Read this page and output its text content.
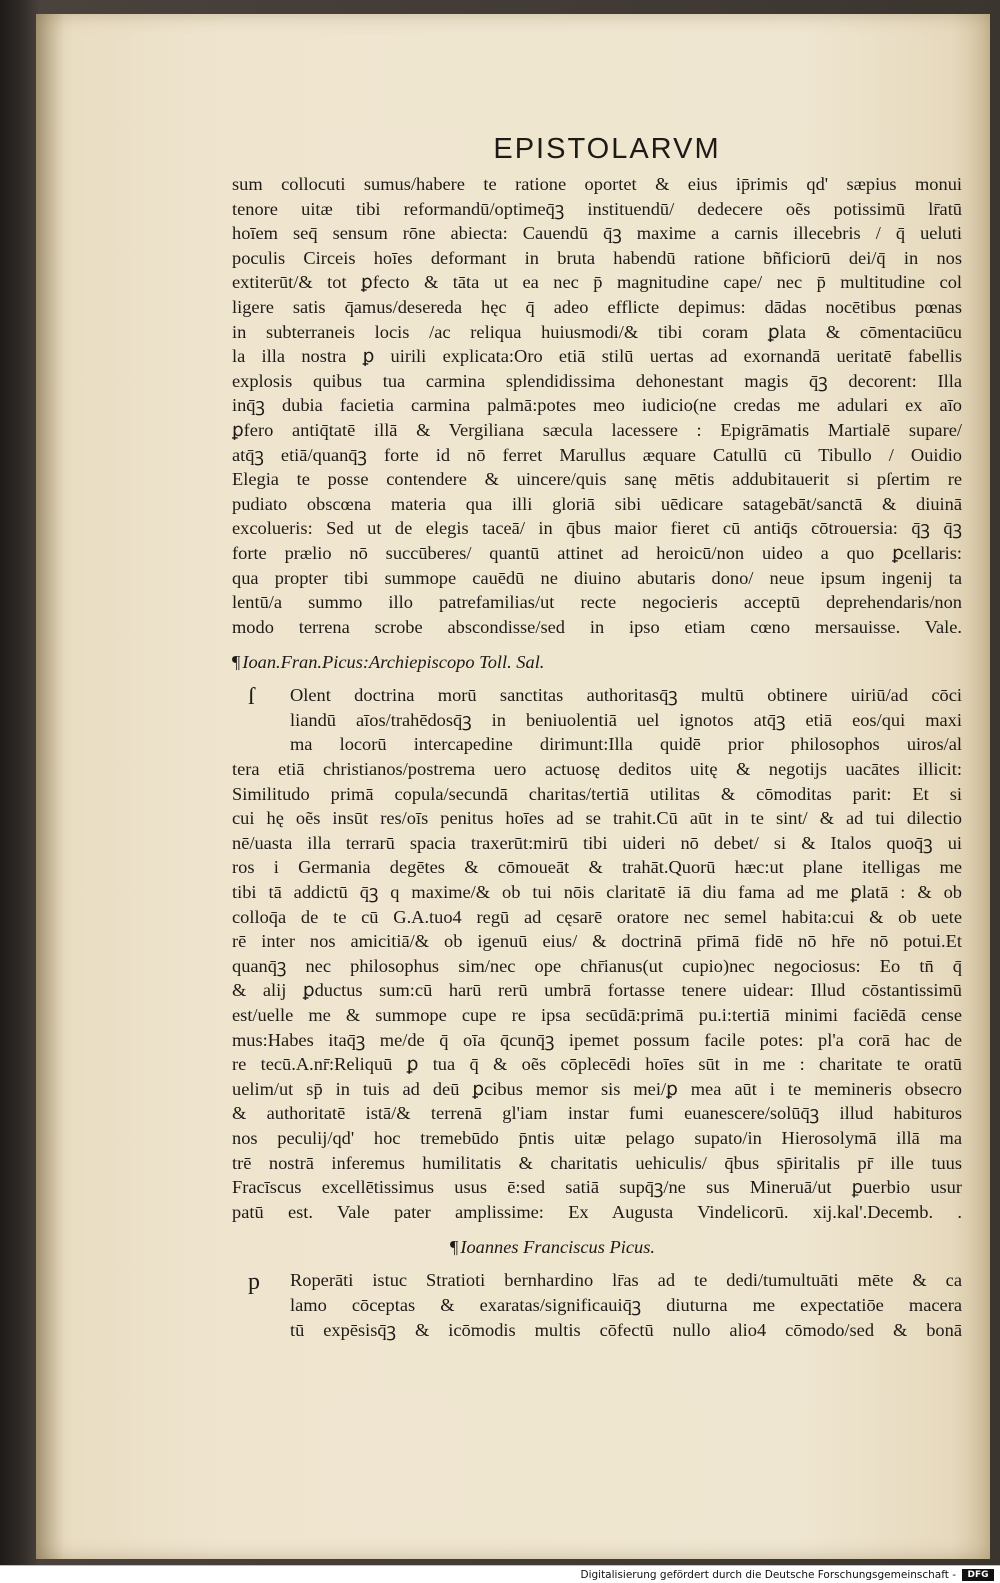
EPISTOLARVM
sum collocuti sumus/habere te ratione oportet & eius ip̄rimis qd' sæpius monui
tenore uitæ tibi reformandū/optimeq̄ꝫ instituendū/ dedecere oẽs potissimū lr̄atū
hoīem seq̄ sensum rōne abiecta: Cauendū q̄ꝫ maxime a carnis illecebris / q̄ ueluti
poculis Circeis hoīes deformant in bruta habendū ratione bñficiorū dei/q̄ in nos
extiterūt/& tot ꝑfecto & tāta ut ea nec p̄ magnitudine cape/ nec p̄ multitudine col
ligere satis q̄amus/desereda hęc q̄ adeo efflicte depimus: dādas nocētibus pœnas
in subterraneis locis /ac reliqua huiusmodi/& tibi coram ꝑlata & cōmentaciūcu
la illa nostra ꝑ uirili explicata:Oro etiā stilū uertas ad exornandā ueritatē fabellis
explosis quibus tua carmina splendidissima dehonestant magis q̄ꝫ decorent: Illa
inq̄ꝫ dubia facietia carmina palmā:potes meo iudicio(ne credas me adulari ex aīo
ꝑfero antiq̄tatē illā & Vergiliana sæcula lacessere : Epigrāmatis Martialē supare/
atq̄ꝫ etiā/quanq̄ꝫ forte id nō ferret Marullus æquare Catullū cū Tibullo / Ouidio
Elegia te posse contendere & uincere/quis sanę mētis addubitauerit si pſertim re
pudiato obscœna materia qua illi gloriā sibi uēdicare satagebāt/sanctā & diuinā
excolueris: Sed ut de elegis taceā/ in q̄bus maior fieret cū antiq̄s cōtrouersia: q̄ꝫ q̄ꝫ
forte prælio nō succūberes/ quantū attinet ad heroicū/non uideo a quo ꝑcellaris:
qua propter tibi summope cauēdū ne diuino abutaris dono/ neue ipsum ingenij ta
lentū/a summo illo patrefamilias/ut recte negocieris acceptū deprehendaris/non
modo terrena scrobe abscondisse/sed in ipso etiam cœno mersauisse. Vale.
¶ Ioan.Fran.Picus:Archiepiscopo Toll. Sal.
ſ	Olent doctrina morū sanctitas authoritasq̄ꝫ multū obtinere uiriū/ad cōci
liandū aīos/trahēdosq̄ꝫ in beniuolentiā uel ignotos atq̄ꝫ etiā eos/qui maxi
ma locorū intercapedine dirimunt:Illa quidē prior philosophos uiros/al
tera etiā christianos/postrema uero actuosę deditos uitę & negotijs uacātes illicit:
Similitudo primā copula/secundā charitas/tertiā utilitas & cōmoditas parit: Et si
cui hę oẽs insūt res/oīs penitus hoīes ad se trahit.Cū aūt in te sint/ & ad tui dilectio
nē/uasta illa terrarū spacia traxerūt:mirū tibi uideri nō debet/ si & Italos quoq̄ꝫ ui
ros i Germania degētes & cōmoueāt & trahāt.Quorū hæc:ut plane itelligas me
tibi tā addictū q̄ꝫ q maxime/& ob tui nōis claritatē iā diu fama ad me ꝑlatā : & ob
colloq̄a de te cū G.A.tuo4 regū ad cęsarē oratore nec semel habita:cui & ob uete
rē inter nos amicitiā/& ob igenuū eius/ & doctrinā pr̄imā fidē nō hr̄e nō potui.Et
quanq̄ꝫ nec philosophus sim/nec ope chr̄ianus(ut cupio)nec negociosus: Eo tn̄ q̄
& alij ꝑductus sum:cū harū rerū umbrā fortasse tenere uidear: Illud cōstantissimū
est/uelle me & summope cupe re ipsa secūdā:primā pu.i:tertiā minimi faciēdā cense
mus:Habes itaq̄ꝫ me/de q̄ oīa q̄cunq̄ꝫ ipemet possum facile potes: pl'a corā hac de
re tecū.A.nr̄:Reliquū ꝑ tua q̄ & oẽs cōplecēdi hoīes sūt in me : charitate te oratū
uelim/ut sp̄ in tuis ad deū ꝑcibus memor sis mei/ꝑ mea aūt i te memineris obsecro
& authoritatē istā/& terrenā gl'iam instar fumi euanescere/solūq̄ꝫ illud habituros
nos peculij/qd' hoc tremebūdo p̄ntis uitæ pelago supato/in Hierosolymā illā ma
trē nostrā inferemus humilitatis & charitatis uehiculis/ q̄bus sp̄iritalis pr̄ ille tuus
Fracīscus excellētissimus usus ē:sed satiā supq̄ꝫ/ne sus Mineruā/ut ꝑuerbio usur
patū est. Vale pater amplissime: Ex Augusta Vindelicorū. xij.kal'.Decemb. .
¶ Ioannes Franciscus Picus.
p	Roperāti istuc Stratioti bernhardino lr̄as ad te dedi/tumultuāti mēte & ca
lamo cōceptas & exaratas/significauiq̄ꝫ diuturna me expectatiōe macera
tū expēsisq̄ꝫ & icōmodis multis cōfectū nullo alio4 cōmodo/sed & bonā
Digitalisierung gefördert durch die Deutsche Forschungsgemeinschaft -	DFG
